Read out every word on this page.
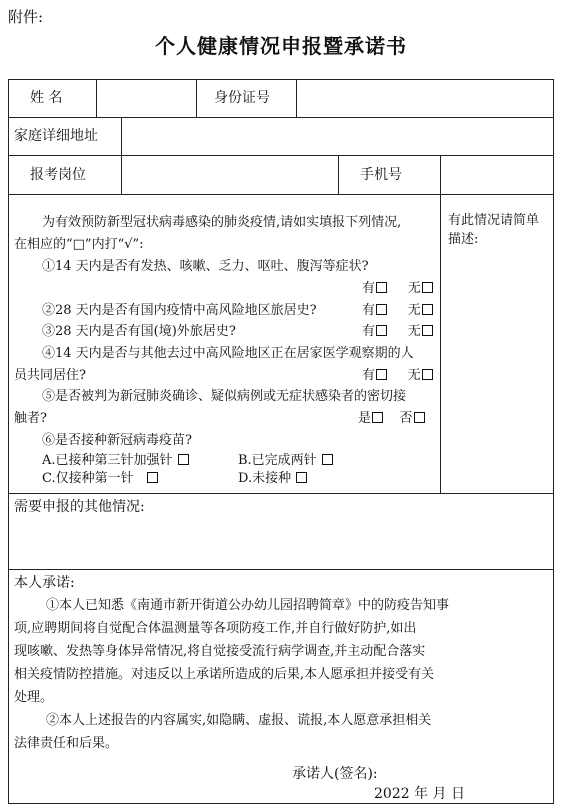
附件:
个人健康情况申报暨承诺书
姓 名	身份证号
家庭详细地址
报考岗位	手机号
有此情况请简单描述:
为有效预防新型冠状病毒感染的肺炎疫情,请如实填报下列情况,
在相应的“□”内打“√”:
①14 天内是否有发热、咳嗽、乏力、呕吐、腹泻等症状?
有	无
②28 天内是否有国内疫情中高风险地区旅居史?	有	无
③28 天内是否有国(境)外旅居史?	有	无
④14 天内是否与其他去过中高风险地区正在居家医学观察期的人
员共同居住?	有	无
⑤是否被判为新冠肺炎确诊、疑似病例或无症状感染者的密切接
触者?	是 否
⑥是否接种新冠病毒疫苗?
A.已接种第三针加强针	B.已完成两针
C.仅接种第一针	D.未接种
需要申报的其他情况:
本人承诺:
①本人已知悉《南通市新开街道公办幼儿园招聘简章》中的防疫告知事
项,应聘期间将自觉配合体温测量等各项防疫工作,并自行做好防护,如出
现咳嗽、发热等身体异常情况,将自觉接受流行病学调查,并主动配合落实
相关疫情防控措施。对违反以上承诺所造成的后果,本人愿承担并接受有关
处理。
②本人上述报告的内容属实,如隐瞒、虚报、谎报,本人愿意承担相关
法律责任和后果。
承诺人(签名):
2022 年 月 日
